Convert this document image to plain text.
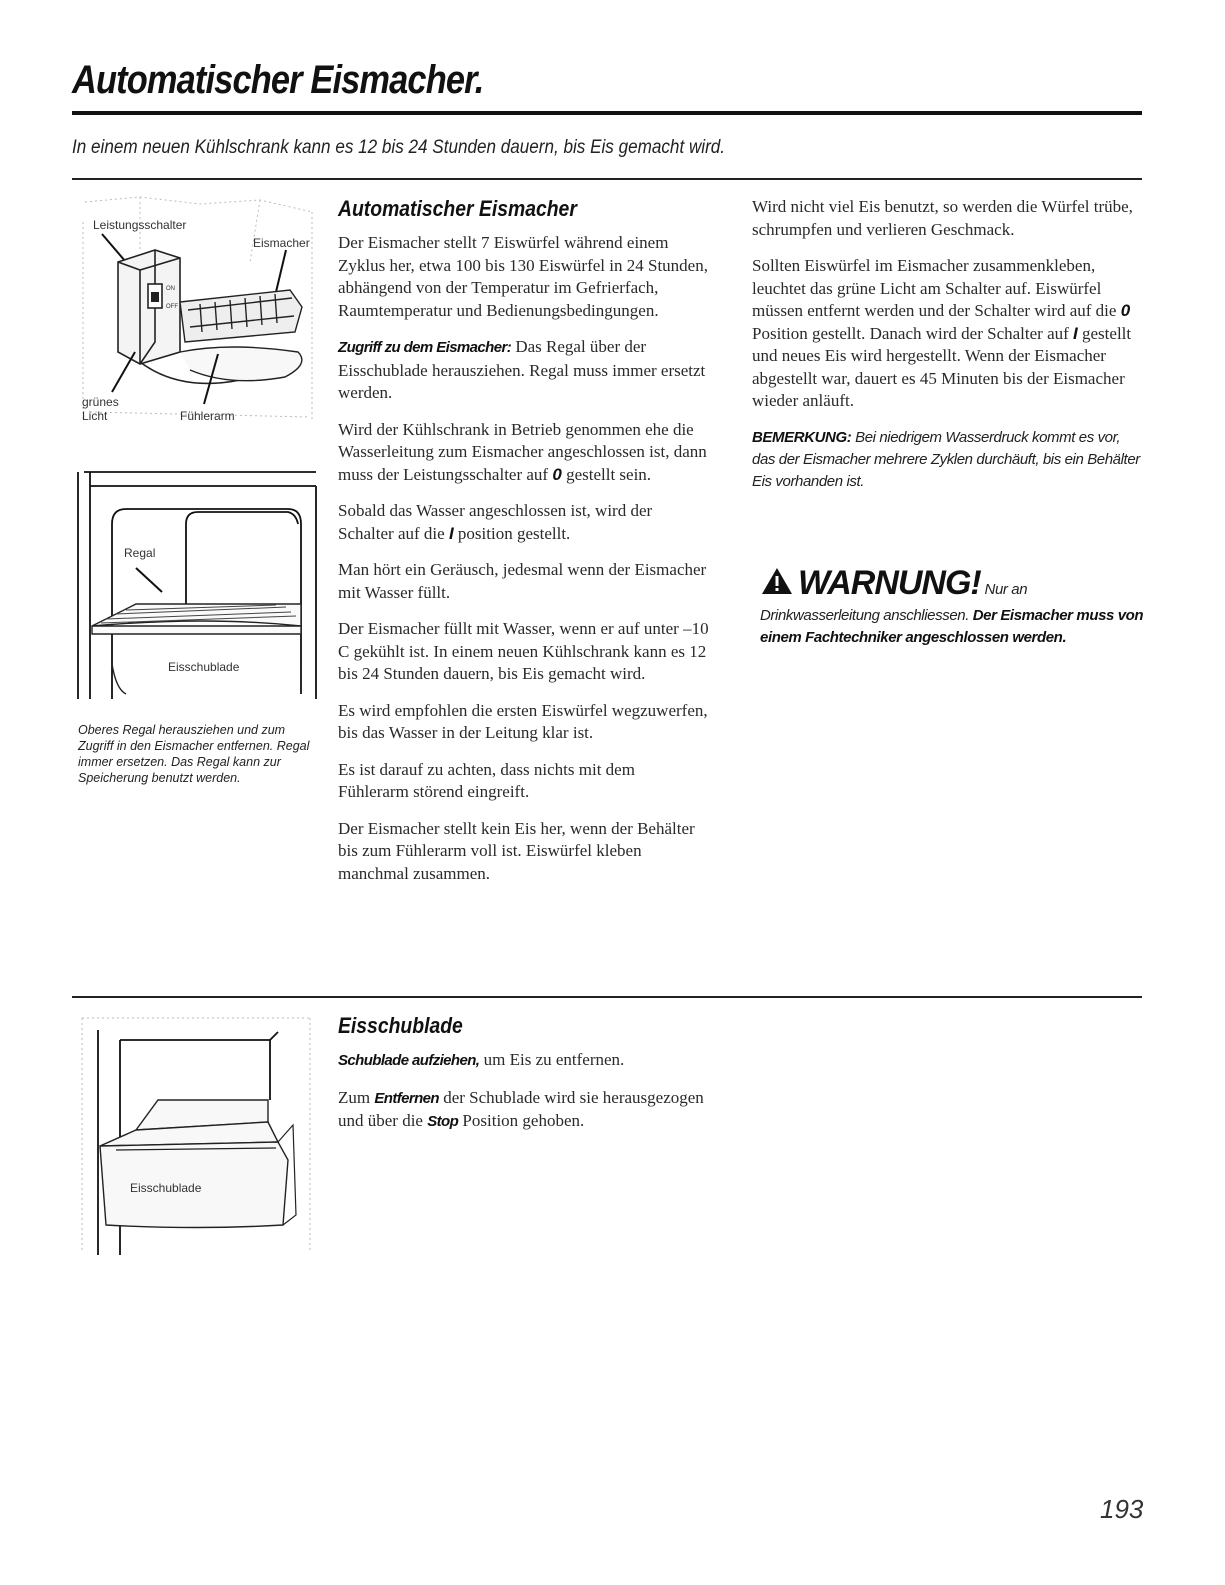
Automatischer Eismacher.
In einem neuen Kühlschrank kann es 12 bis 24 Stunden dauern, bis Eis gemacht wird.
Leistungsschalter
Eismacher
ON
OFF
grünes
Licht	Fühlerarm
Regal
Eisschublade
Oberes Regal herausziehen und zum Zugriff in den Eismacher entfernen. Regal immer ersetzen. Das Regal kann zur Speicherung benutzt werden.
Automatischer Eismacher

Der Eismacher stellt 7 Eiswürfel während einem Zyklus her, etwa 100 bis 130 Eiswürfel in 24 Stunden, abhängend von der Temperatur im Gefrierfach, Raumtemperatur und Bedienungsbedingungen.

Zugriff zu dem Eismacher: Das Regal über der Eisschublade herausziehen. Regal muss immer ersetzt werden.

Wird der Kühlschrank in Betrieb genommen ehe die Wasserleitung zum Eismacher angeschlossen ist, dann muss der Leistungsschalter auf 0 gestellt sein.

Sobald das Wasser angeschlossen ist, wird der Schalter auf die I position gestellt.

Man hört ein Geräusch, jedesmal wenn der Eismacher mit Wasser füllt.

Der Eismacher füllt mit Wasser, wenn er auf unter –10 C gekühlt ist. In einem neuen Kühlschrank kann es 12 bis 24 Stunden dauern, bis Eis gemacht wird.

Es wird empfohlen die ersten Eiswürfel wegzuwerfen, bis das Wasser in der Leitung klar ist.

Es ist darauf zu achten, dass nichts mit dem Fühlerarm störend eingreift.

Der Eismacher stellt kein Eis her, wenn der Behälter bis zum Fühlerarm voll ist. Eiswürfel kleben manchmal zusammen.

Wird nicht viel Eis benutzt, so werden die Würfel trübe, schrumpfen und verlieren Geschmack.

Sollten Eiswürfel im Eismacher zusammenkleben, leuchtet das grüne Licht am Schalter auf. Eiswürfel müssen entfernt werden und der Schalter wird auf die 0 Position gestellt. Danach wird der Schalter auf I gestellt und neues Eis wird hergestellt. Wenn der Eismacher abgestellt war, dauert es 45 Minuten bis der Eismacher wieder anläuft.

BEMERKUNG: Bei niedrigem Wasserdruck kommt es vor, das der Eismacher mehrere Zyklen durchäuft, bis ein Behälter Eis vorhanden ist.

WARNUNG! Nur an
Drinkwasserleitung anschliessen. Der Eismacher muss von einem Fachtechniker angeschlossen werden.
Eisschublade
Eisschublade

Schublade aufziehen, um Eis zu entfernen.

Zum Entfernen der Schublade wird sie herausgezogen und über die Stop Position gehoben.

193
